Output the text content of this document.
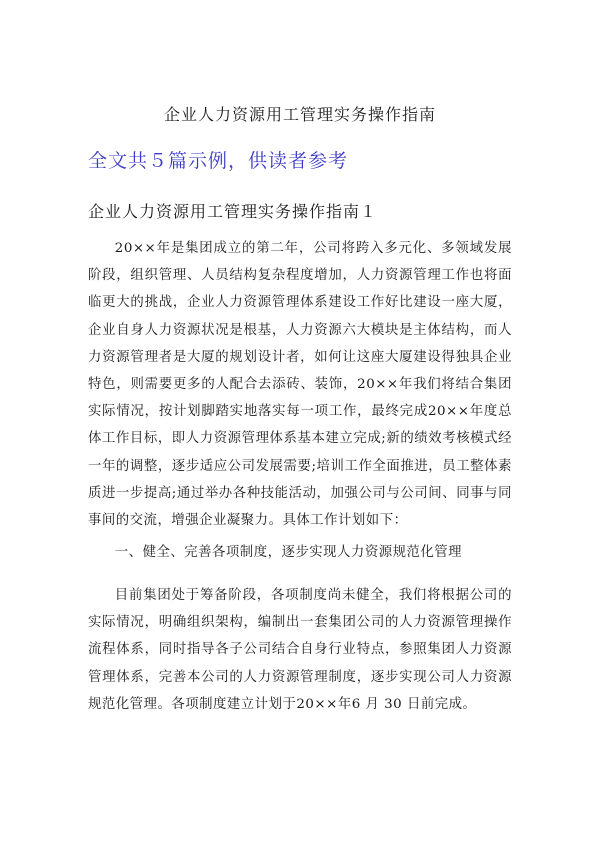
企业人力资源用工管理实务操作指南
全文共５篇示例，供读者参考
企业人力资源用工管理实务操作指南１

20××年是集团成立的第二年，公司将跨入多元化、多领域发展阶段，组织管理、人员结构复杂程度增加，人力资源管理工作也将面临更大的挑战，企业人力资源管理体系建设工作好比建设一座大厦，企业自身人力资源状况是根基，人力资源六大模块是主体结构，而人力资源管理者是大厦的规划设计者，如何让这座大厦建设得独具企业特色，则需要更多的人配合去添砖、装饰，20××年我们将结合集团实际情况，按计划脚踏实地落实每一项工作，最终完成20××年度总体工作目标，即人力资源管理体系基本建立完成;新的绩效考核模式经一年的调整，逐步适应公司发展需要;培训工作全面推进，员工整体素质进一步提高;通过举办各种技能活动，加强公司与公司间、同事与同事间的交流，增强企业凝聚力。具体工作计划如下：

一、健全、完善各项制度，逐步实现人力资源规范化管理

目前集团处于筹备阶段，各项制度尚未健全，我们将根据公司的实际情况，明确组织架构，编制出一套集团公司的人力资源管理操作流程体系，同时指导各子公司结合自身行业特点，参照集团人力资源管理体系，完善本公司的人力资源管理制度，逐步实现公司人力资源规范化管理。各项制度建立计划于20××年6 月 30 日前完成。
